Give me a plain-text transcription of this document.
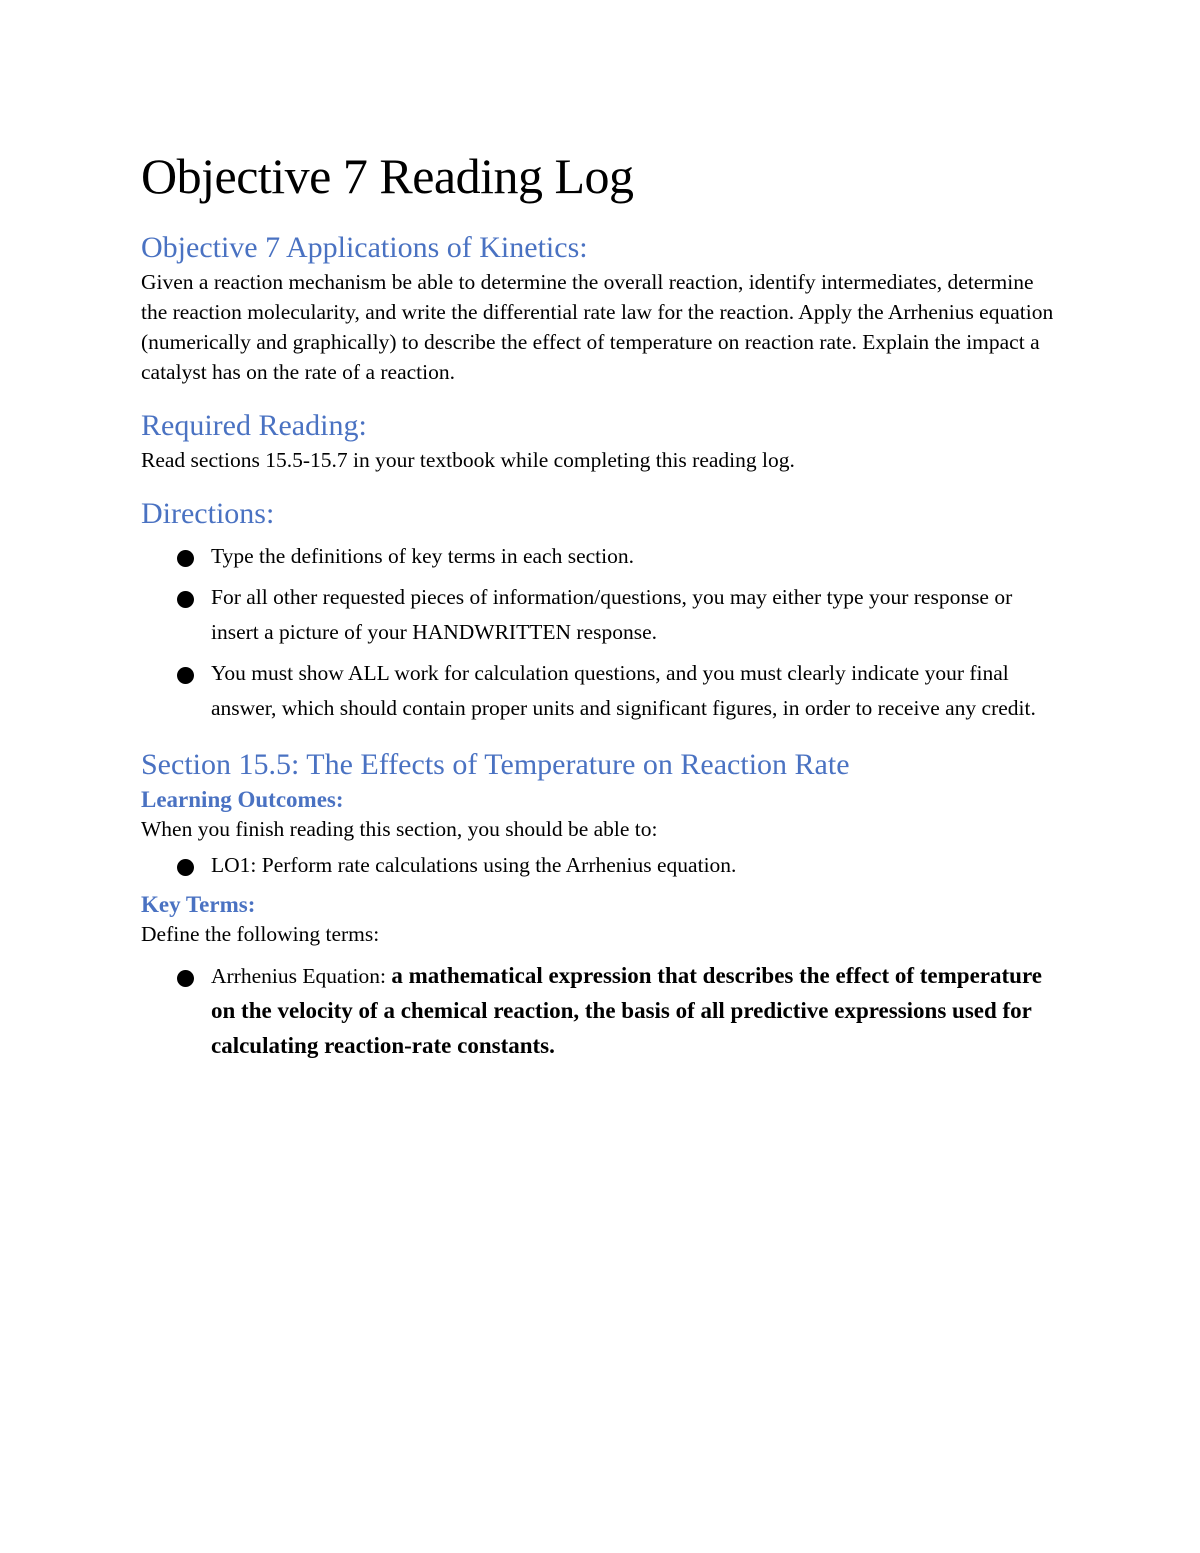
Objective 7 Reading Log
Objective 7 Applications of Kinetics:

Given a reaction mechanism be able to determine the overall reaction, identify intermediates, determine the reaction molecularity, and write the differential rate law for the reaction. Apply the Arrhenius equation (numerically and graphically) to describe the effect of temperature on reaction rate. Explain the impact a catalyst has on the rate of a reaction.

Required Reading:

Read sections 15.5-15.7 in your textbook while completing this reading log.

Directions:
Type the definitions of key terms in each section.
For all other requested pieces of information/questions, you may either type your response or insert a picture of your HANDWRITTEN response.
You must show ALL work for calculation questions, and you must clearly indicate your final answer, which should contain proper units and significant figures, in order to receive any credit.
Section 15.5: The Effects of Temperature on Reaction Rate
Learning Outcomes:

When you finish reading this section, you should be able to:

LO1: Perform rate calculations using the Arrhenius equation.
Key Terms:

Define the following terms:

Arrhenius Equation: a mathematical expression that describes the effect of temperature on the velocity of a chemical reaction, the basis of all predictive expressions used for calculating reaction-rate constants.
